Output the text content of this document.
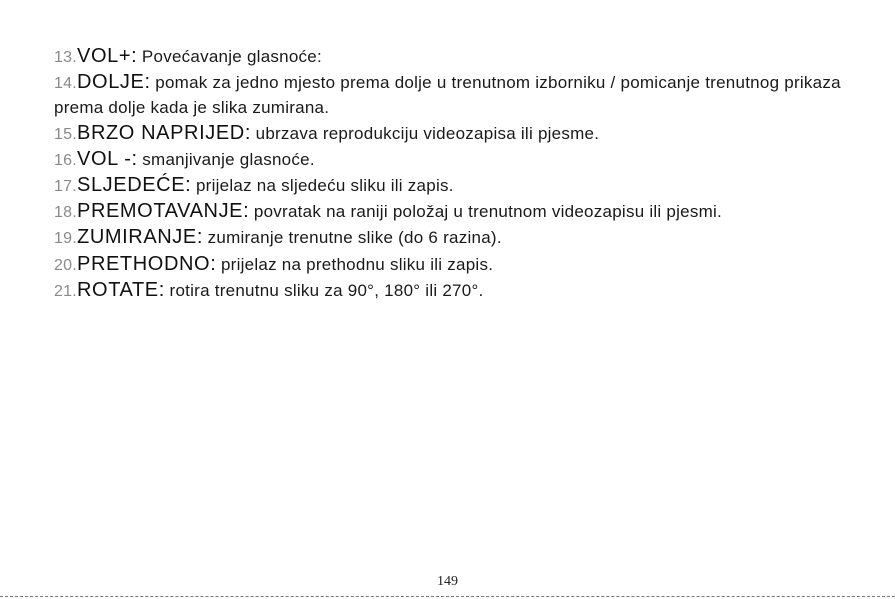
13.VOL+: Povećavanje glasnoće:
14.DOLJE: pomak za jedno mjesto prema dolje u trenutnom izborniku / pomicanje trenutnog prikaza prema dolje kada je slika zumirana.
15.BRZO NAPRIJED: ubrzava reprodukciju videozapisa ili pjesme.
16.VOL -: smanjivanje glasnoće.
17.SLJEDEĆE: prijelaz na sljedeću sliku ili zapis.
18.PREMOTAVANJE: povratak na raniji položaj u trenutnom videozapisu ili pjesmi.
19.ZUMIRANJE: zumiranje trenutne slike (do 6 razina).
20.PRETHODNO: prijelaz na prethodnu sliku ili zapis.
21.ROTATE: rotira trenutnu sliku za 90°, 180° ili 270°.
149
